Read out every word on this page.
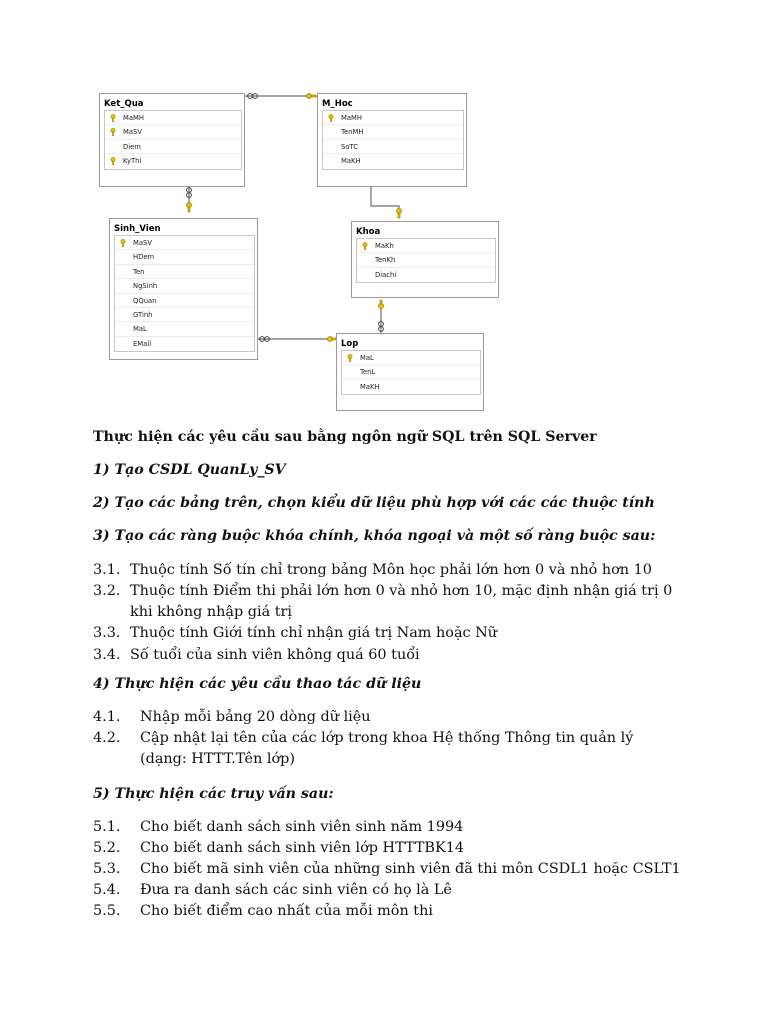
Ket_Qua
MaMH
MaSV
Diem
KyThi
M_Hoc
MaMH
TenMH
SoTC
MaKH
Sinh_Vien
MaSV
HDem
Ten
NgSinh
QQuan
GTinh
MaL
EMail
Khoa
MaKh
TenKh
Diachi
Lop
MaL
TenL
MaKH
Thực hiện các yêu cầu sau bằng ngôn ngữ SQL trên SQL Server
1) Tạo CSDL QuanLy_SV
2) Tạo các bảng trên, chọn kiểu dữ liệu phù hợp với các các thuộc tính
3) Tạo các ràng buộc khóa chính, khóa ngoại và một số ràng buộc sau:
3.1. Thuộc tính Số tín chỉ trong bảng Môn học phải lớn hơn 0 và nhỏ hơn 10
3.2. Thuộc tính Điểm thi phải lớn hơn 0 và nhỏ hơn 10, mặc định nhận giá trị 0
khi không nhập giá trị
3.3. Thuộc tính Giới tính chỉ nhận giá trị Nam hoặc Nữ
3.4. Số tuổi của sinh viên không quá 60 tuổi
4) Thực hiện các yêu cầu thao tác dữ liệu
4.1. Nhập mỗi bảng 20 dòng dữ liệu
4.2. Cập nhật lại tên của các lớp trong khoa Hệ thống Thông tin quản lý
(dạng: HTTT.Tên lớp)
5) Thực hiện các truy vấn sau:
5.1. Cho biết danh sách sinh viên sinh năm 1994
5.2. Cho biết danh sách sinh viên lớp HTTTBK14
5.3. Cho biết mã sinh viên của những sinh viên đã thi môn CSDL1 hoặc CSLT1
5.4. Đưa ra danh sách các sinh viên có họ là Lê
5.5. Cho biết điểm cao nhất của mỗi môn thi
